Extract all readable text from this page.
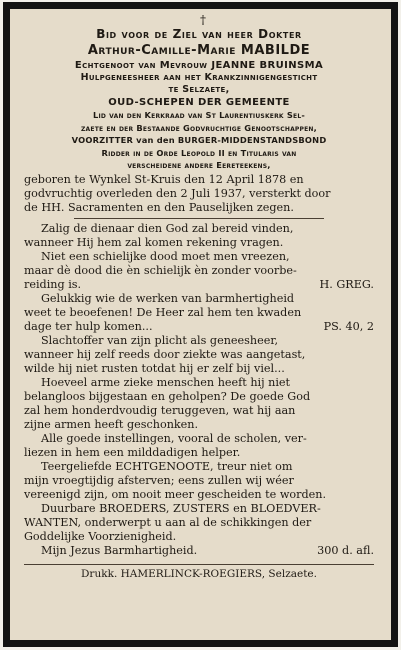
†
Bid voor de Ziel van heer Dokter
Arthur-Camille-Marie MABILDE
Echtgenoot van Mevrouw JEANNE BRUINSMA
Hulpgeneesheer aan het Krankzinnigengesticht
te Selzaete,
OUD-SCHEPEN DER GEMEENTE
Lid van den Kerkraad van St Laurentiuskerk Sel-
zaete en der Bestaande Godvruchtige Genootschappen,
VOORZITTER van den BURGER-MIDDENSTANDSBOND
Ridder in de Orde Leopold II en Titularis van
verscheidene andere Eereteekens,
geboren te Wynkel St-Kruis den 12 April 1878 en
godvruchtig overleden den 2 Juli 1937, versterkt door
de HH. Sacramenten en den Pauselijken zegen.
Zalig de dienaar dien God zal bereid vinden,
wanneer Hij hem zal komen rekening vragen.
Niet een schielijke dood moet men vreezen,
maar dè dood die èn schielijk èn zonder voorbe-
reiding is.	H. GREG.
Gelukkig wie de werken van barmhertigheid
weet te beoefenen! De Heer zal hem ten kwaden
dage ter hulp komen...	PS. 40, 2
Slachtoffer van zijn plicht als geneesheer,
wanneer hij zelf reeds door ziekte was aangetast,
wilde hij niet rusten totdat hij er zelf bij viel...
Hoeveel arme zieke menschen heeft hij niet
belangloos bijgestaan en geholpen? De goede God
zal hem honderdvoudig teruggeven, wat hij aan
zijne armen heeft geschonken.
Alle goede instellingen, vooral de scholen, ver-
liezen in hem een milddadigen helper.
Teergeliefde ECHTGENOOTE, treur niet om
mijn vroegtijdig afsterven; eens zullen wij wéer
vereenigd zijn, om nooit meer gescheiden te worden.
Duurbare BROEDERS, ZUSTERS en BLOEDVER-
WANTEN, onderwerpt u aan al de schikkingen der
Goddelijke Voorzienigheid.
Mijn Jezus Barmhartigheid.	300 d. afl.
Drukk. HAMERLINCK-ROEGIERS, Selzaete.
